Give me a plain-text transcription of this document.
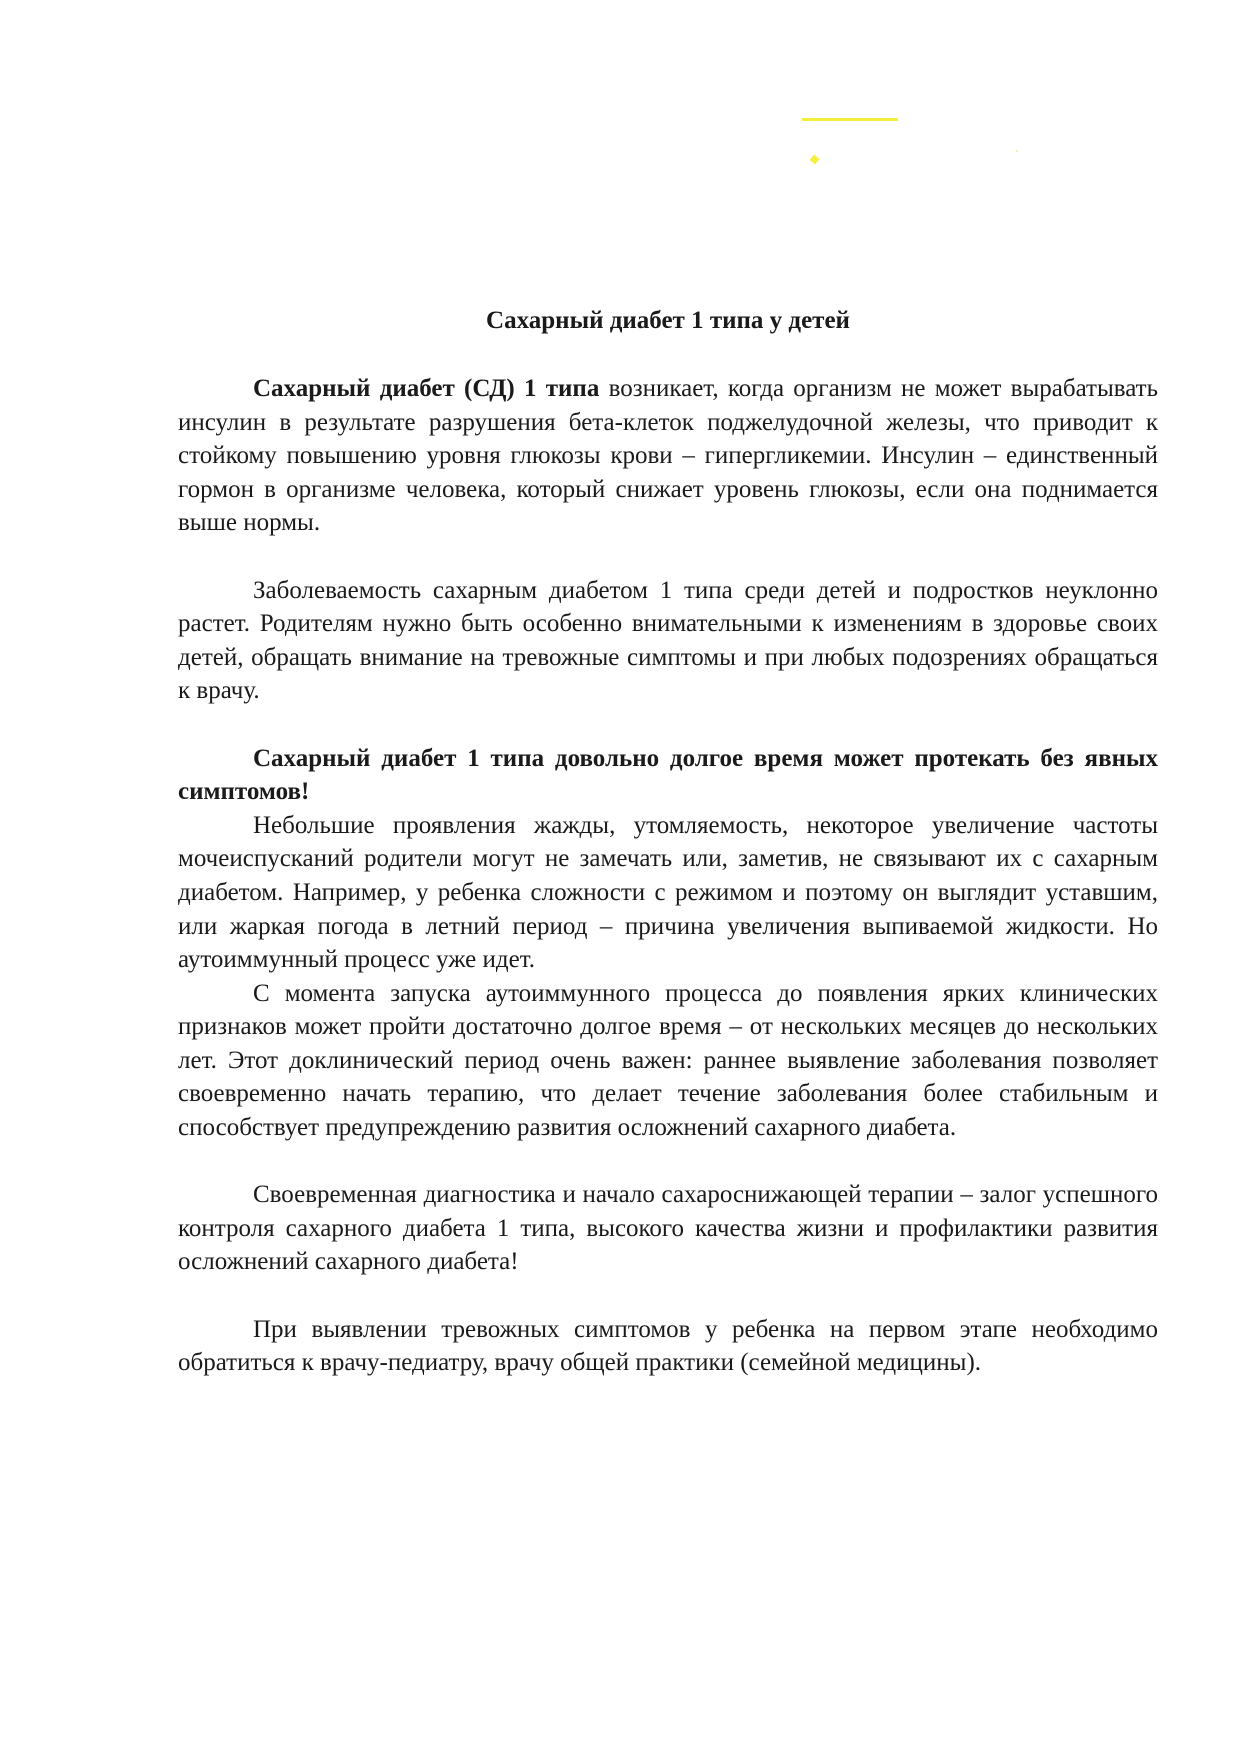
Сахарный диабет 1 типа у детей

Сахарный диабет (СД) 1 типа возникает, когда организм не может вырабатывать инсулин в результате разрушения бета-клеток поджелудочной железы, что приводит к стойкому повышению уровня глюкозы крови – гипергликемии. Инсулин – единственный гормон в организме человека, который снижает уровень глюкозы, если она поднимается выше нормы.

Заболеваемость сахарным диабетом 1 типа среди детей и подростков неуклонно растет. Родителям нужно быть особенно внимательными к изменениям в здоровье своих детей, обращать внимание на тревожные симптомы и при любых подозрениях обращаться к врачу.

Сахарный диабет 1 типа довольно долгое время может протекать без явных симптомов!

Небольшие проявления жажды, утомляемость, некоторое увеличение частоты мочеиспусканий родители могут не замечать или, заметив, не связывают их с сахарным диабетом. Например, у ребенка сложности с режимом и поэтому он выглядит уставшим, или жаркая погода в летний период – причина увеличения выпиваемой жидкости. Но аутоиммунный процесс уже идет.

С момента запуска аутоиммунного процесса до появления ярких клинических признаков может пройти достаточно долгое время – от нескольких месяцев до нескольких лет. Этот доклинический период очень важен: раннее выявление заболевания позволяет своевременно начать терапию, что делает течение заболевания более стабильным и способствует предупреждению развития осложнений сахарного диабета.

Своевременная диагностика и начало сахароснижающей терапии – залог успешного контроля сахарного диабета 1 типа, высокого качества жизни и профилактики развития осложнений сахарного диабета!

При выявлении тревожных симптомов у ребенка на первом этапе необходимо обратиться к врачу-педиатру, врачу общей практики (семейной медицины).
